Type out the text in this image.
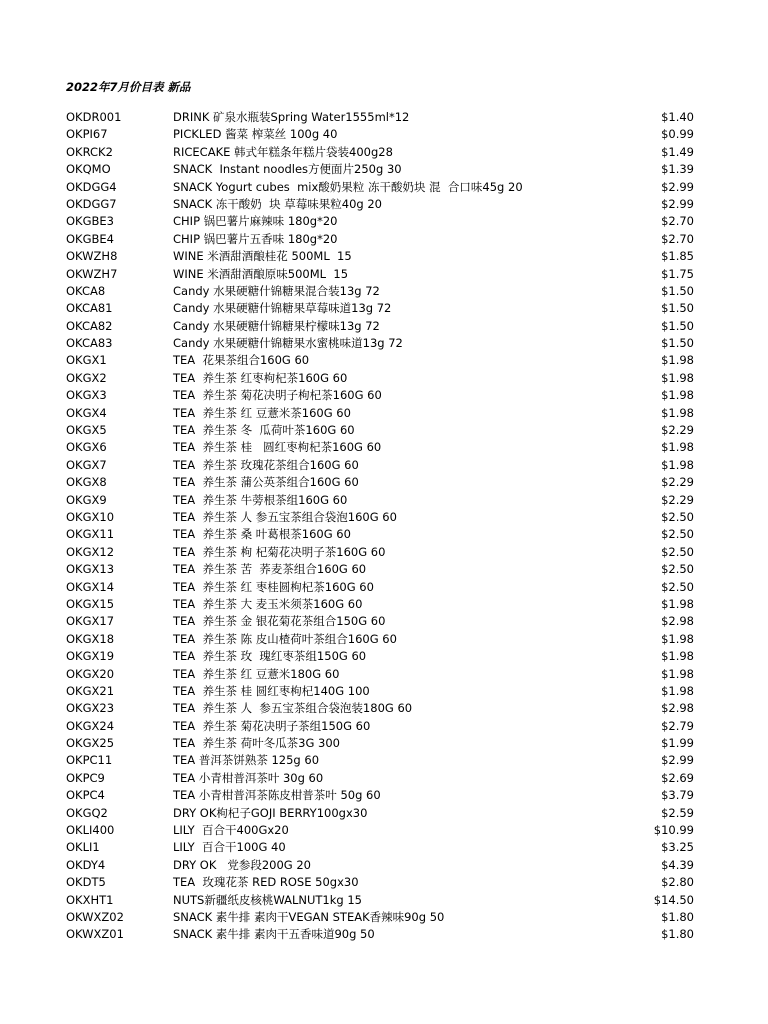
2022年7月价目表 新品
OKDR001	DRINK 矿泉水瓶装Spring Water1555ml*12	$1.40
OKPI67	PICKLED 酱菜 榨菜丝 100g 40	$0.99
OKRCK2	RICECAKE 韩式年糕条年糕片袋装400g28	$1.49
OKQMO	SNACK  Instant noodles方便面片250g 30	$1.39
OKDGG4	SNACK Yogurt cubes  mix酸奶果粒 冻干酸奶块 混  合口味45g 20	$2.99
OKDGG7	SNACK 冻干酸奶  块 草莓味果粒40g 20	$2.99
OKGBE3	CHIP 锅巴薯片麻辣味 180g*20	$2.70
OKGBE4	CHIP 锅巴薯片五香味 180g*20	$2.70
OKWZH8	WINE 米酒甜酒酿桂花 500ML  15	$1.85
OKWZH7	WINE 米酒甜酒酿原味500ML  15	$1.75
OKCA8	Candy 水果硬糖什锦糖果混合装13g 72	$1.50
OKCA81	Candy 水果硬糖什锦糖果草莓味道13g 72	$1.50
OKCA82	Candy 水果硬糖什锦糖果柠檬味13g 72	$1.50
OKCA83	Candy 水果硬糖什锦糖果水蜜桃味道13g 72	$1.50
OKGX1	TEA  花果茶组合160G 60	$1.98
OKGX2	TEA  养生茶 红枣枸杞茶160G 60	$1.98
OKGX3	TEA  养生茶 菊花决明子枸杞茶160G 60	$1.98
OKGX4	TEA  养生茶 红 豆薏米茶160G 60	$1.98
OKGX5	TEA  养生茶 冬  瓜荷叶茶160G 60	$2.29
OKGX6	TEA  养生茶 桂   圆红枣枸杞茶160G 60	$1.98
OKGX7	TEA  养生茶 玫瑰花茶组合160G 60	$1.98
OKGX8	TEA  养生茶 蒲公英茶组合160G 60	$2.29
OKGX9	TEA  养生茶 牛蒡根茶组160G 60	$2.29
OKGX10	TEA  养生茶 人 参五宝茶组合袋泡160G 60	$2.50
OKGX11	TEA  养生茶 桑 叶葛根茶160G 60	$2.50
OKGX12	TEA  养生茶 枸 杞菊花决明子茶160G 60	$2.50
OKGX13	TEA  养生茶 苦  荞麦茶组合160G 60	$2.50
OKGX14	TEA  养生茶 红 枣桂圆枸杞茶160G 60	$2.50
OKGX15	TEA  养生茶 大 麦玉米须茶160G 60	$1.98
OKGX17	TEA  养生茶 金 银花菊花茶组合150G 60	$2.98
OKGX18	TEA  养生茶 陈 皮山楂荷叶茶组合160G 60	$1.98
OKGX19	TEA  养生茶 玫  瑰红枣茶组150G 60	$1.98
OKGX20	TEA  养生茶 红 豆薏米180G 60	$1.98
OKGX21	TEA  养生茶 桂 圆红枣枸杞140G 100	$1.98
OKGX23	TEA  养生茶 人  参五宝茶组合袋泡装180G 60	$2.98
OKGX24	TEA  养生茶 菊花决明子茶组150G 60	$2.79
OKGX25	TEA  养生茶 荷叶冬瓜茶3G 300	$1.99
OKPC11	TEA 普洱茶饼熟茶 125g 60	$2.99
OKPC9	TEA 小青柑普洱茶叶 30g 60	$2.69
OKPC4	TEA 小青柑普洱茶陈皮柑普茶叶 50g 60	$3.79
OKGQ2	DRY OK枸杞子GOJI BERRY100gx30	$2.59
OKLI400	LILY  百合干400Gx20	$10.99
OKLI1	LILY  百合干100G 40	$3.25
OKDY4	DRY OK   党参段200G 20	$4.39
OKDT5	TEA  玫瑰花茶 RED ROSE 50gx30	$2.80
OKXHT1	NUTS新疆纸皮核桃WALNUT1kg 15	$14.50
OKWXZ02	SNACK 素牛排 素肉干VEGAN STEAK香辣味90g 50	$1.80
OKWXZ01	SNACK 素牛排 素肉干五香味道90g 50	$1.80
